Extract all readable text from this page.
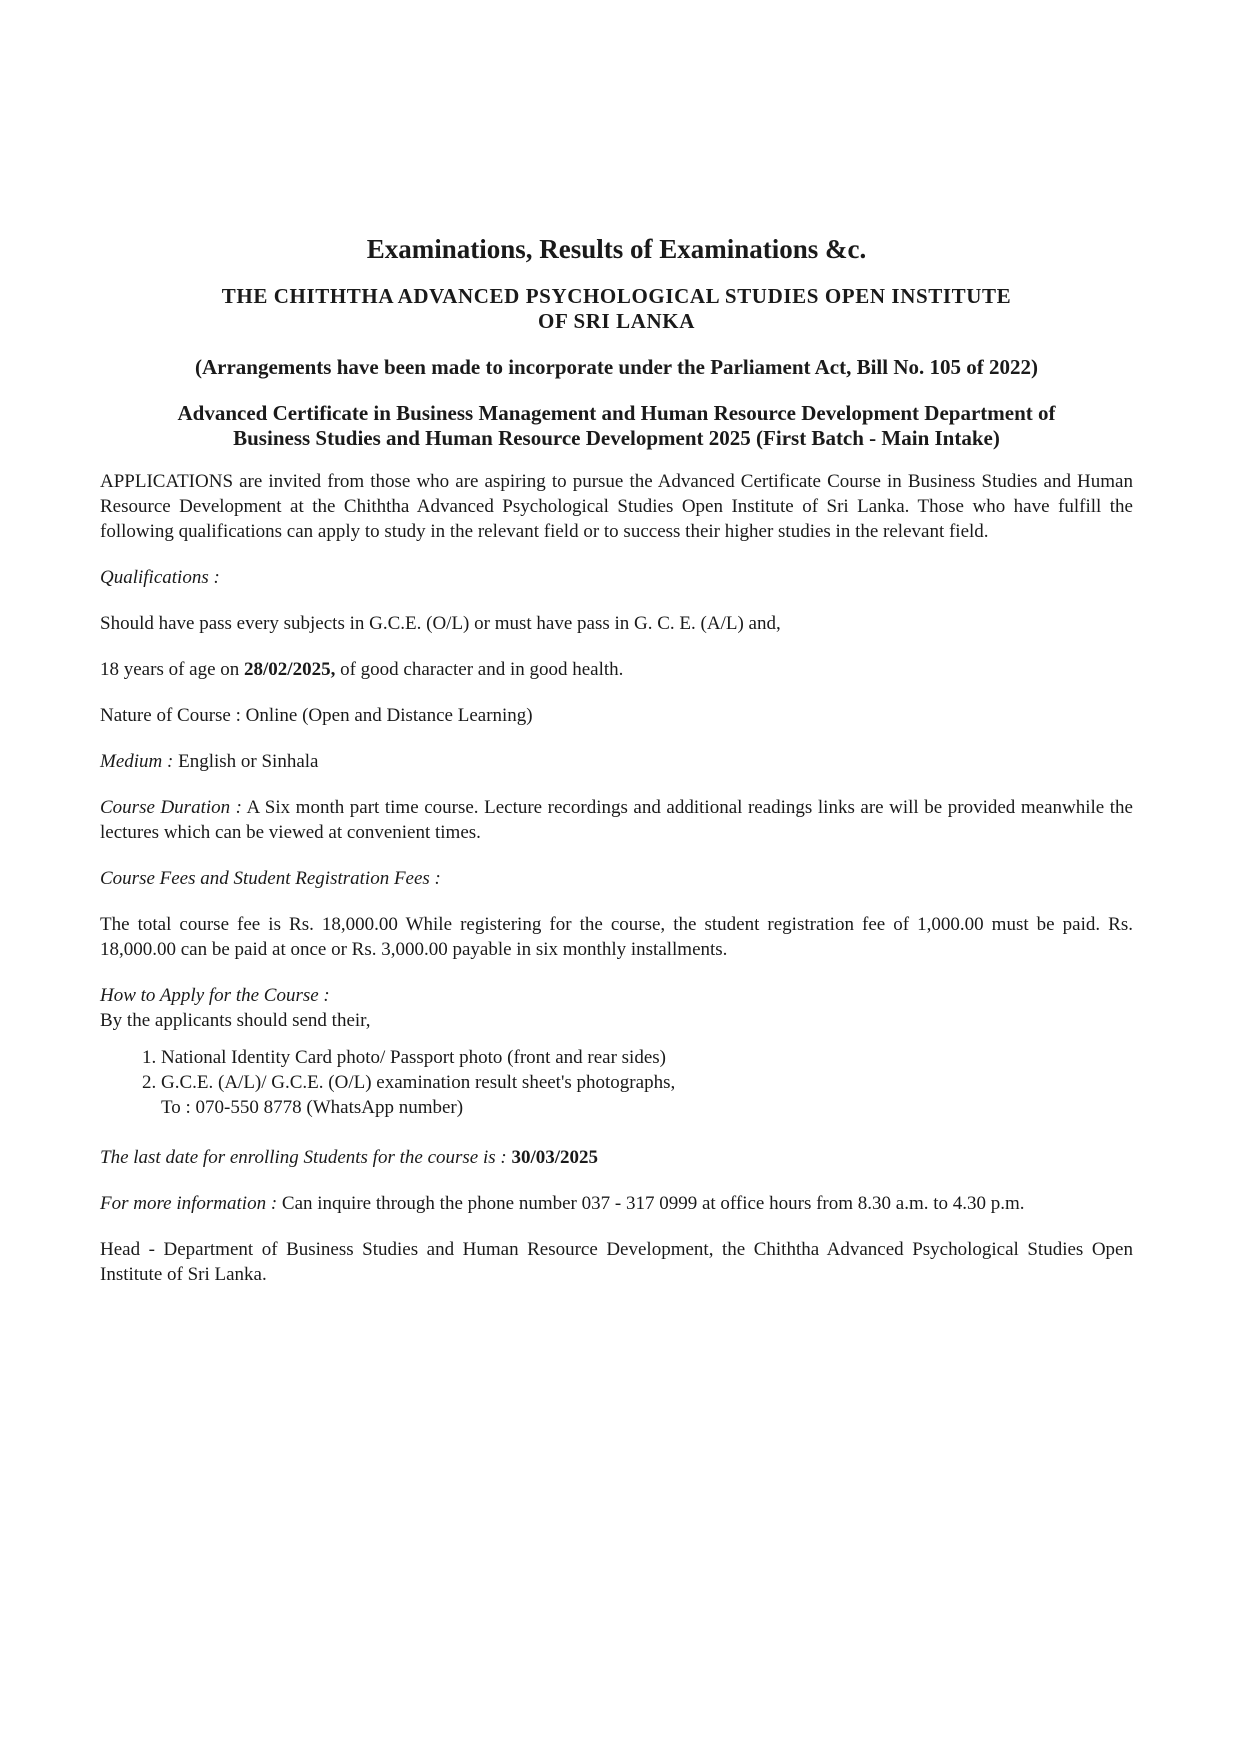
Examinations, Results of Examinations &c.
THE CHITHTHA ADVANCED PSYCHOLOGICAL STUDIES OPEN INSTITUTE
OF SRI LANKA
(Arrangements have been made to incorporate under the Parliament Act, Bill No. 105 of 2022)
Advanced Certificate in Business Management and Human Resource Development Department of
Business Studies and Human Resource Development 2025 (First Batch - Main Intake)

APPLICATIONS are invited from those who are aspiring to pursue the Advanced Certificate Course in Business Studies and Human Resource Development at the Chiththa Advanced Psychological Studies Open Institute of Sri Lanka. Those who have fulfill the following qualifications can apply to study in the relevant field or to success their higher studies in the relevant field.

Qualifications :

Should have pass every subjects in G.C.E. (O/L) or must have pass in G. C. E. (A/L) and,

18 years of age on 28/02/2025, of good character and in good health.

Nature of Course : Online (Open and Distance Learning)

Medium : English or Sinhala

Course Duration : A Six month part time course. Lecture recordings and additional readings links are will be provided meanwhile the lectures which can be viewed at convenient times.

Course Fees and Student Registration Fees :

The total course fee is Rs. 18,000.00 While registering for the course, the student registration fee of 1,000.00 must be paid. Rs. 18,000.00 can be paid at once or Rs. 3,000.00 payable in six monthly installments.

How to Apply for the Course :

By the applicants should send their,

1. National Identity Card photo/ Passport photo (front and rear sides)
2. G.C.E. (A/L)/ G.C.E. (O/L) examination result sheet's photographs,
To : 070-550 8778 (WhatsApp number)

The last date for enrolling Students for the course is : 30/03/2025

For more information : Can inquire through the phone number 037 - 317 0999 at office hours from 8.30 a.m. to 4.30 p.m.

Head - Department of Business Studies and Human Resource Development, the Chiththa Advanced Psychological Studies Open Institute of Sri Lanka.
